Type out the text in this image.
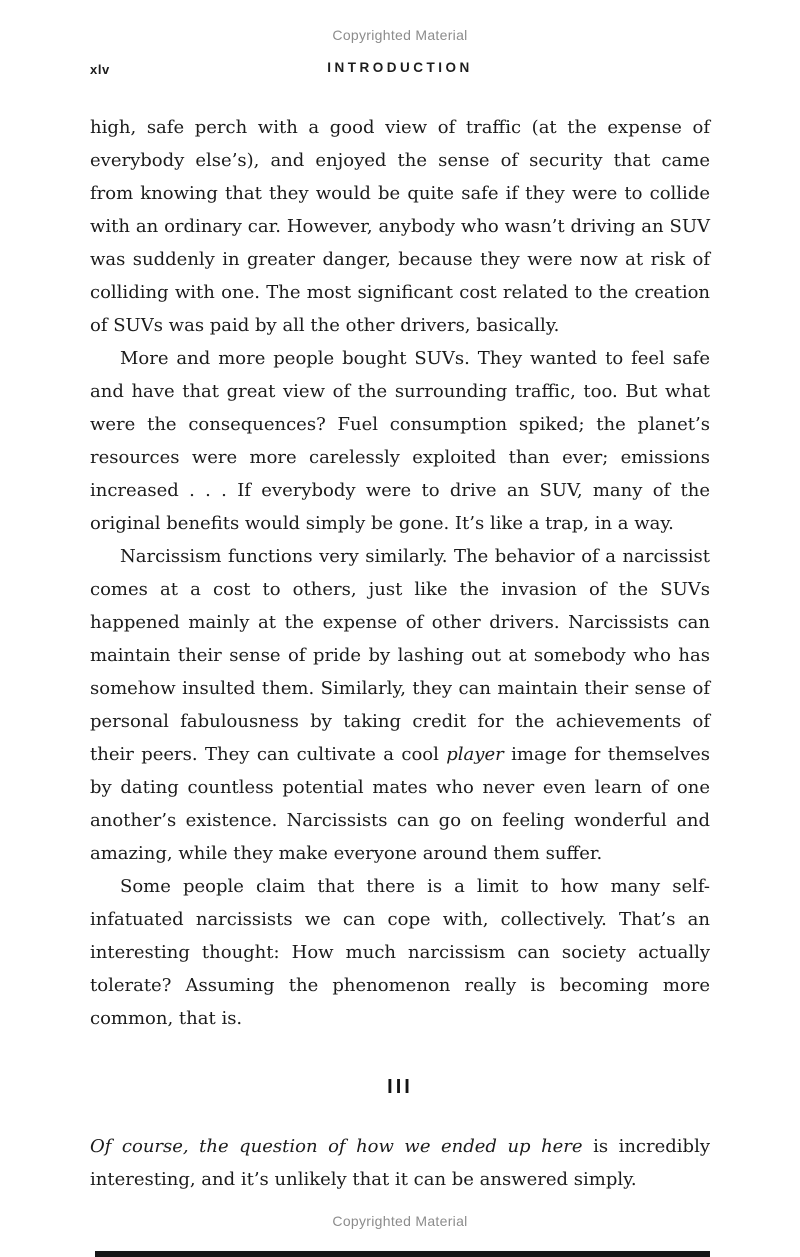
Copyrighted Material
xlv	INTRODUCTION

high, safe perch with a good view of traffic (at the expense of everybody else’s), and enjoyed the sense of security that came from knowing that they would be quite safe if they were to collide with an ordinary car. However, anybody who wasn’t driving an SUV was suddenly in greater danger, because they were now at risk of colliding with one. The most significant cost related to the creation of SUVs was paid by all the other drivers, basically.

More and more people bought SUVs. They wanted to feel safe and have that great view of the surrounding traffic, too. But what were the consequences? Fuel consumption spiked; the planet’s resources were more carelessly exploited than ever; emissions increased . . . If everybody were to drive an SUV, many of the original benefits would simply be gone. It’s like a trap, in a way.

Narcissism functions very similarly. The behavior of a narcissist comes at a cost to others, just like the invasion of the SUVs happened mainly at the expense of other drivers. Narcissists can maintain their sense of pride by lashing out at somebody who has somehow insulted them. Similarly, they can maintain their sense of personal fabulousness by taking credit for the achievements of their peers. They can cultivate a cool player image for themselves by dating countless potential mates who never even learn of one another’s existence. Narcissists can go on feeling wonderful and amazing, while they make everyone around them suffer.

Some people claim that there is a limit to how many self-infatuated narcissists we can cope with, collectively. That’s an interesting thought: How much narcissism can society actually tolerate? Assuming the phenomenon really is becoming more common, that is.

III

Of course, the question of how we ended up here is incredibly interesting, and it’s unlikely that it can be answered simply.

Copyrighted Material
